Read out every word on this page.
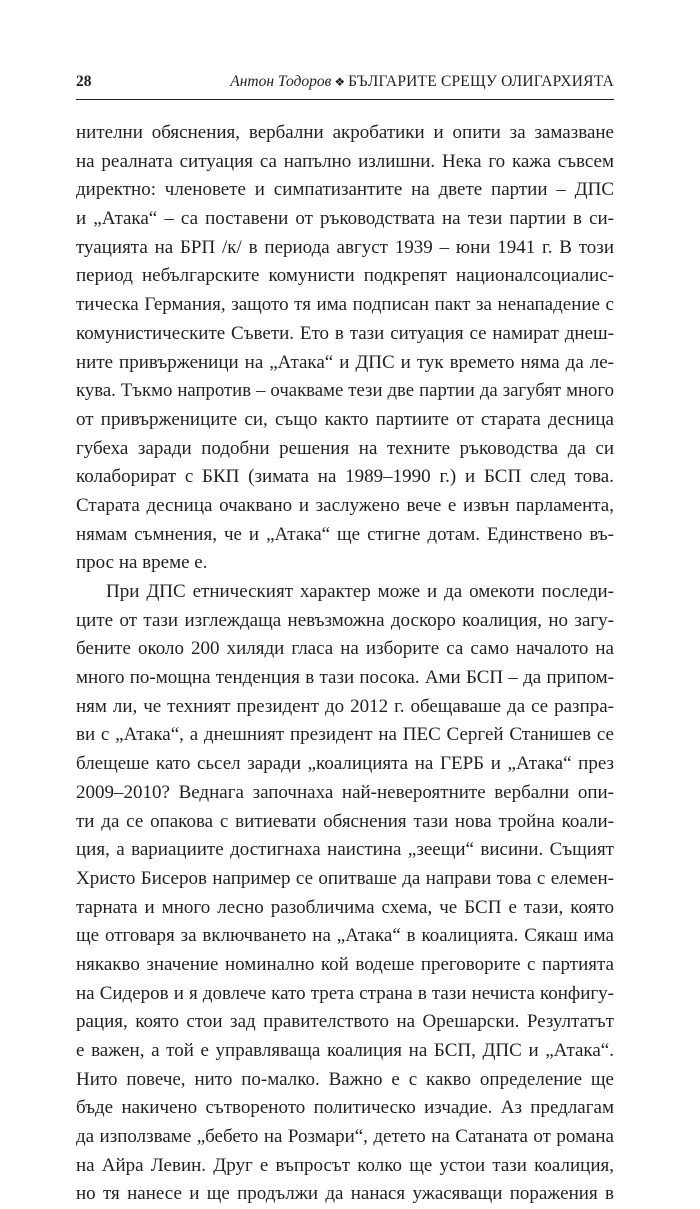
28	Антон Тодоров ❖ БЪЛГАРИТЕ СРЕЩУ ОЛИГАРХИЯТА
нителни обяснения, вербални акробатики и опити за замазване
на реалната ситуация са напълно излишни. Нека го кажа съвсем
директно: членовете и симпатизантите на двете партии – ДПС
и „Атака“ – са поставени от ръководствата на тези партии в си-
туацията на БРП /к/ в периода август 1939 – юни 1941 г. В този
период небългарските комунисти подкрепят националсоциалис-
тическа Германия, защото тя има подписан пакт за ненападение с
комунистическите Съвети. Ето в тази ситуация се намират днеш-
ните привърженици на „Атака“ и ДПС и тук времето няма да ле-
кува. Тъкмо напротив – очакваме тези две партии да загубят много
от привържениците си, също както партиите от старата десница
губеха заради подобни решения на техните ръководства да си
колаборират с БКП (зимата на 1989–1990 г.) и БСП след това.
Старата десница очаквано и заслужено вече е извън парламента,
нямам съмнения, че и „Атака“ ще стигне дотам. Единствено въ-
прос на време е.
При ДПС етническият характер може и да омекоти последи-
ците от тази изглеждаща невъзможна доскоро коалиция, но загу-
бените около 200 хиляди гласа на изборите са само началото на
много по-мощна тенденция в тази посока. Ами БСП – да припом-
ням ли, че техният президент до 2012 г. обещаваше да се разпра-
ви с „Атака“, а днешният президент на ПЕС Сергей Станишев се
блещеше като сьсел заради „коалицията на ГЕРБ и „Атака“ през
2009–2010? Веднага започнаха най-невероятните вербални опи-
ти да се опакова с витиевати обяснения тази нова тройна коали-
ция, а вариациите достигнаха наистина „зеещи“ висини. Същият
Христо Бисеров например се опитваше да направи това с елемен-
тарната и много лесно разобличима схема, че БСП е тази, която
ще отговаря за включването на „Атака“ в коалицията. Сякаш има
някакво значение номинално кой водеше преговорите с партията
на Сидеров и я довлече като трета страна в тази нечиста конфигу-
рация, която стои зад правителството на Орешарски. Резултатът
е важен, а той е управляваща коалиция на БСП, ДПС и „Атака“.
Нито повече, нито по-малко. Важно е с какво определение ще
бъде накичено сътвореното политическо изчадие. Аз предлагам
да използваме „бебето на Розмари“, детето на Сатаната от романа
на Айра Левин. Друг е въпросът колко ще устои тази коалиция,
но тя нанесе и ще продължи да нанася ужасяващи поражения в
